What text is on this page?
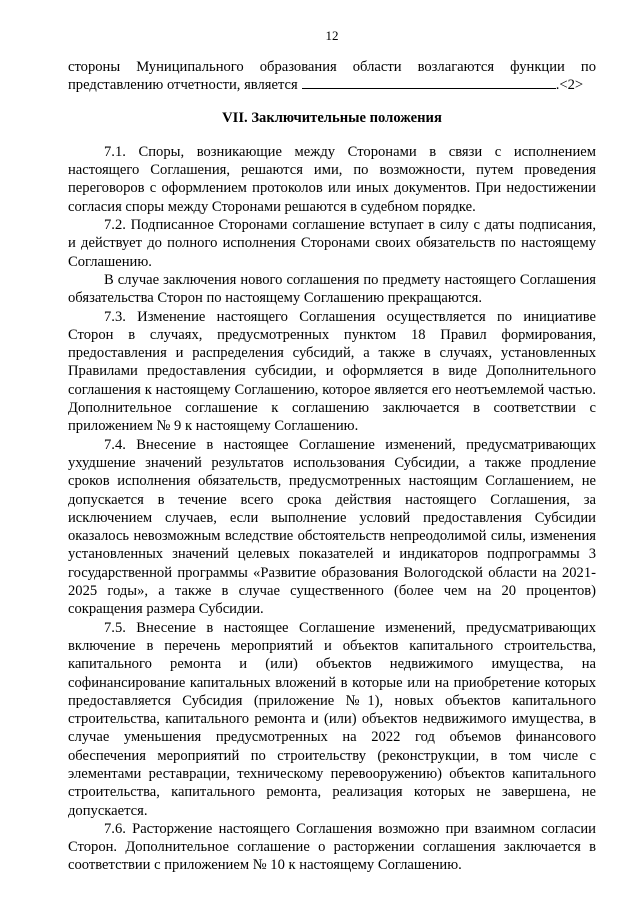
12

стороны Муниципального образования области возлагаются функции по представлению отчетности, является	.<2>

VII. Заключительные положения

7.1. Споры, возникающие между Сторонами в связи с исполнением настоящего Соглашения, решаются ими, по возможности, путем проведения переговоров с оформлением протоколов или иных документов. При недостижении согласия споры между Сторонами решаются в судебном порядке.

7.2. Подписанное Сторонами соглашение вступает в силу с даты подписания, и действует до полного исполнения Сторонами своих обязательств по настоящему Соглашению.

В случае заключения нового соглашения по предмету настоящего Соглашения обязательства Сторон по настоящему Соглашению прекращаются.

7.3. Изменение настоящего Соглашения осуществляется по инициативе Сторон в случаях, предусмотренных пунктом 18 Правил формирования, предоставления и распределения субсидий, а также в случаях, установленных Правилами предоставления субсидии, и оформляется в виде Дополнительного соглашения к настоящему Соглашению, которое является его неотъемлемой частью. Дополнительное соглашение к соглашению заключается в соответствии с приложением № 9 к настоящему Соглашению.

7.4. Внесение в настоящее Соглашение изменений, предусматривающих ухудшение значений результатов использования Субсидии, а также продление сроков исполнения обязательств, предусмотренных настоящим Соглашением, не допускается в течение всего срока действия настоящего Соглашения, за исключением случаев, если выполнение условий предоставления Субсидии оказалось невозможным вследствие обстоятельств непреодолимой силы, изменения установленных значений целевых показателей и индикаторов подпрограммы 3 государственной программы «Развитие образования Вологодской области на 2021-2025 годы», а также в случае существенного (более чем на 20 процентов) сокращения размера Субсидии.

7.5. Внесение в настоящее Соглашение изменений, предусматривающих включение в перечень мероприятий и объектов капитального строительства, капитального ремонта и (или) объектов недвижимого имущества, на софинансирование капитальных вложений в которые или на приобретение которых предоставляется Субсидия (приложение №1), новых объектов капитального строительства, капитального ремонта и (или) объектов недвижимого имущества, в случае уменьшения предусмотренных на 2022 год объемов финансового обеспечения мероприятий по строительству (реконструкции, в том числе с элементами реставрации, техническому перевооружению) объектов капитального строительства, капитального ремонта, реализация которых не завершена, не допускается.

7.6. Расторжение настоящего Соглашения возможно при взаимном согласии Сторон. Дополнительное соглашение о расторжении соглашения заключается в соответствии с приложением № 10 к настоящему Соглашению.
